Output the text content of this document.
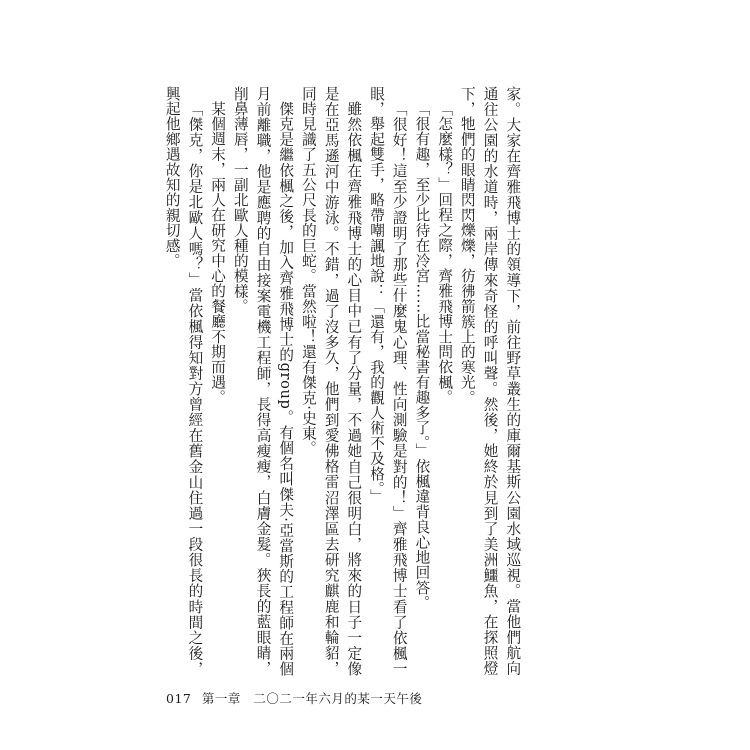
家。大家在齊雅飛博士的領導下，前往野草叢生的庫爾基斯公園水域巡視。當他們航向通往公園的水道時，兩岸傳來奇怪的呼叫聲。然後，她終於見到了美洲鱷魚，在探照燈下，牠們的眼睛閃閃爍爍，彷彿箭簇上的寒光。

「怎麼樣？」回程之際，齊雅飛博士問依楓。

「很有趣，至少比待在冷宮……比當秘書有趣多了。」依楓違背良心地回答。

「很好！這至少證明了那些什麼鬼心理、性向測驗是對的！」齊雅飛博士看了依楓一眼，舉起雙手，略帶嘲諷地說：「還有，我的觀人術不及格。」

雖然依楓在齊雅飛博士的心目中已有了分量，不過她自己很明白，將來的日子一定像是在亞馬遜河中游泳。不錯，過了沒多久，他們到愛佛格雷沼澤區去研究麒鹿和輪貂，同時見識了五公尺長的巨蛇。當然啦！還有傑克‧史東。

傑克是繼依楓之後，加入齊雅飛博士的group。有個名叫傑夫‧亞當斯的工程師在兩個月前離職，他是應聘的自由接案電機工程師，長得高瘦瘦，白膚金髮。狹長的藍眼睛，削鼻薄唇，一副北歐人種的模樣。

某個週末，兩人在研究中心的餐廳不期而遇。

「傑克，你是北歐人嗎？」當依楓得知對方曾經在舊金山住過一段很長的時間之後，興起他鄉遇故知的親切感。

017 第一章 二〇二一年六月的某一天午後
